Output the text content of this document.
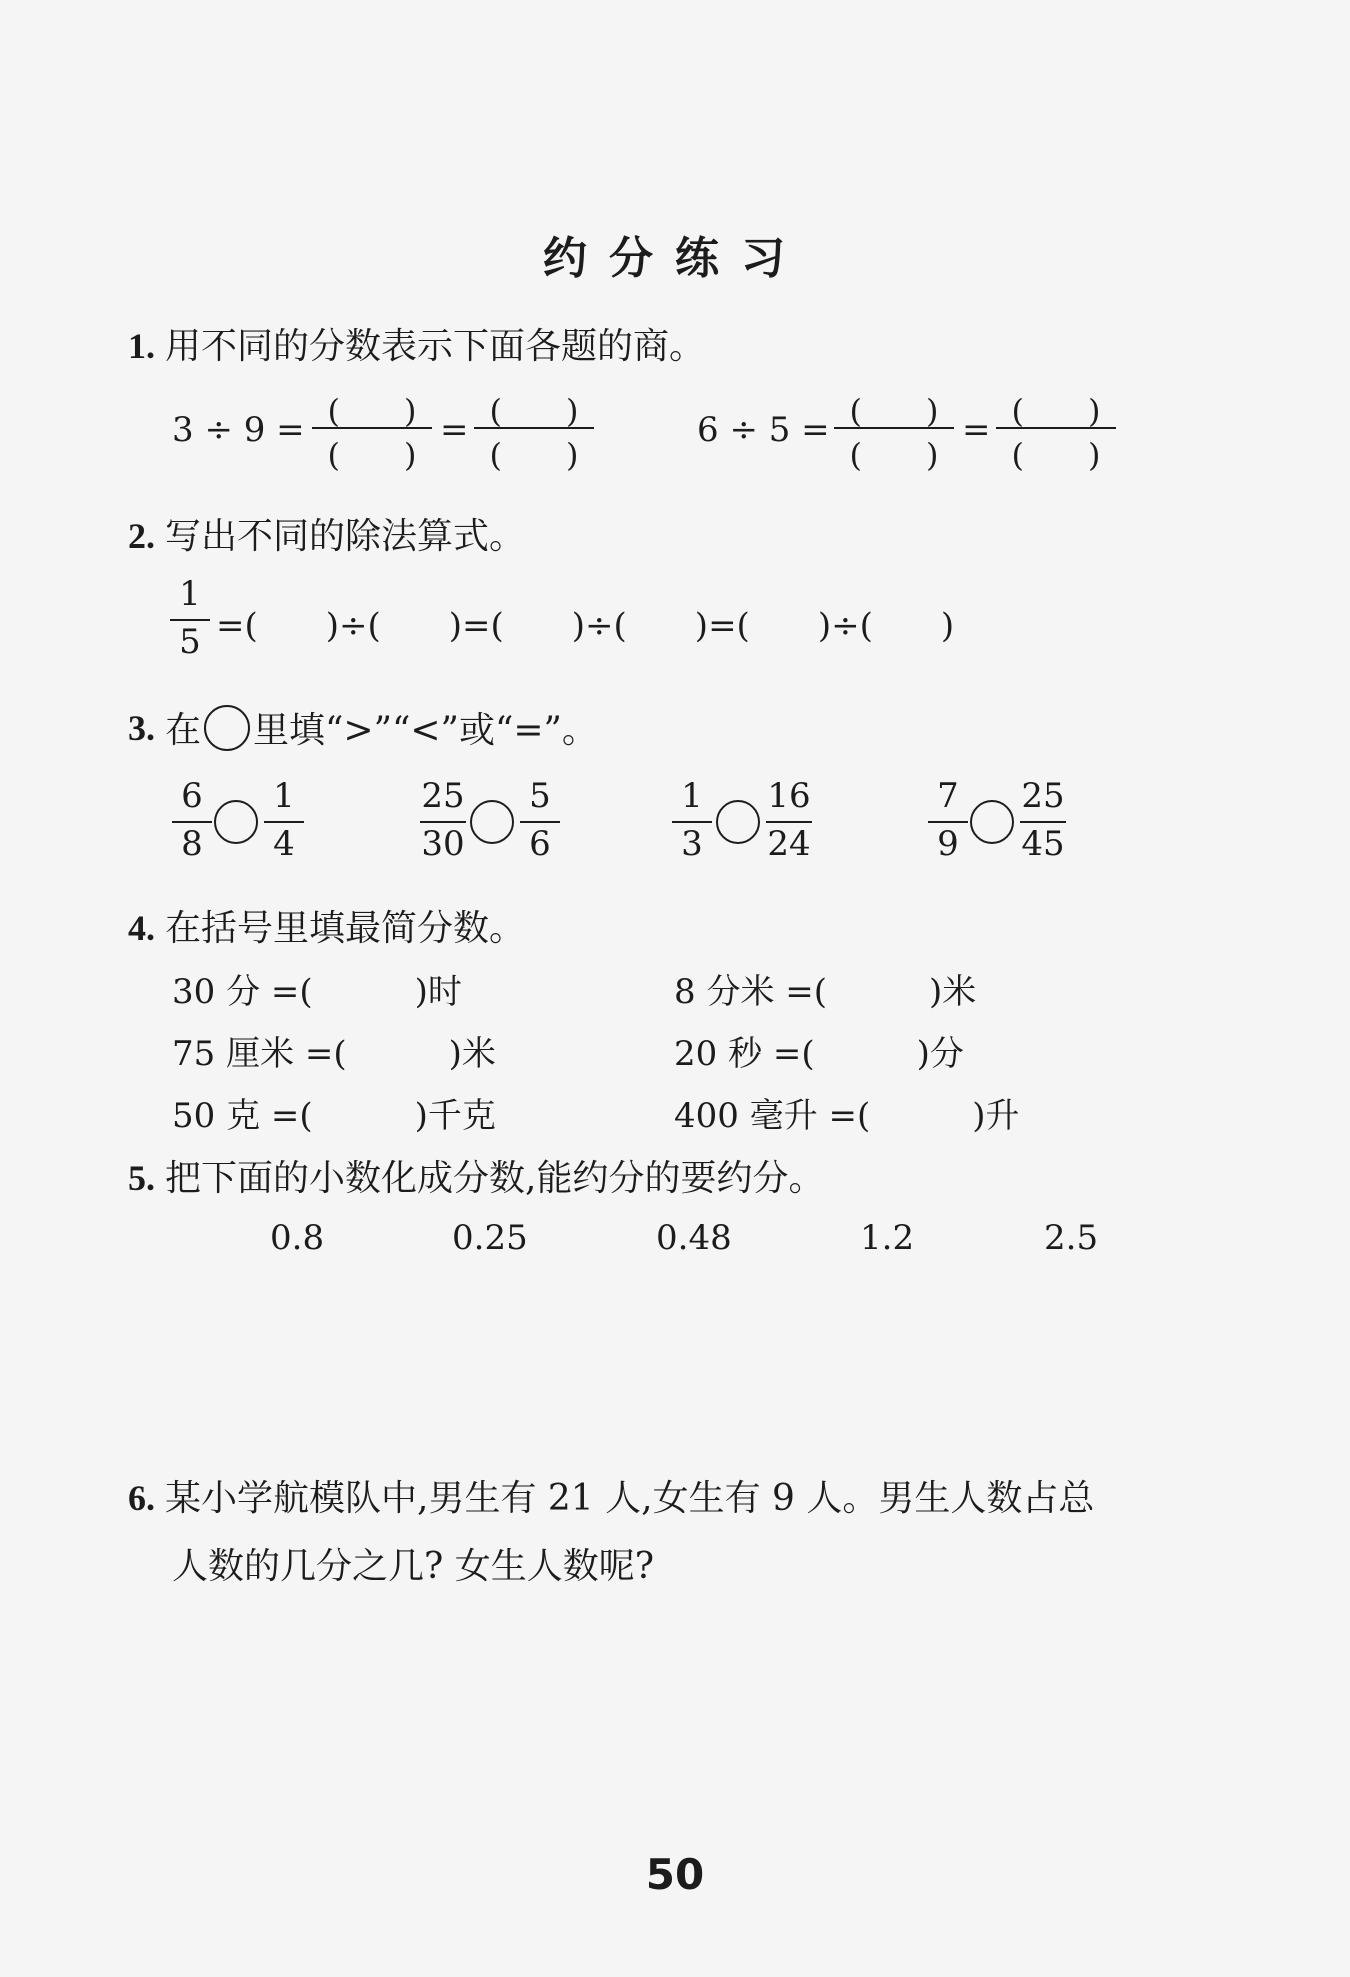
约分练习
1. 用不同的分数表示下面各题的商。
3 ÷ 9 = (　　)
(　　)
= (　　)
(　　)
6 ÷ 5 = (　　)
(　　)
= (　　)
(　　)
2. 写出不同的除法算式。
1
5 =(　　)÷(　　)=(　　)÷(　　)=(　　)÷(　　)
3. 在 里填“>”“<”或“=”。
6
8
1
4
25
30
5
6
1
3
16
24
7
9
25
45
4. 在括号里填最简分数。
30 分 =(　　　)时	8 分米 =(　　　)米
75 厘米 =(　　　)米	20 秒 =(　　　)分
50 克 =(　　　)千克	400 毫升 =(　　　)升
5. 把下面的小数化成分数,能约分的要约分。
0.8	0.25	0.48	1.2	2.5
6. 某小学航模队中,男生有 21 人,女生有 9 人。男生人数占总
人数的几分之几? 女生人数呢?
50
